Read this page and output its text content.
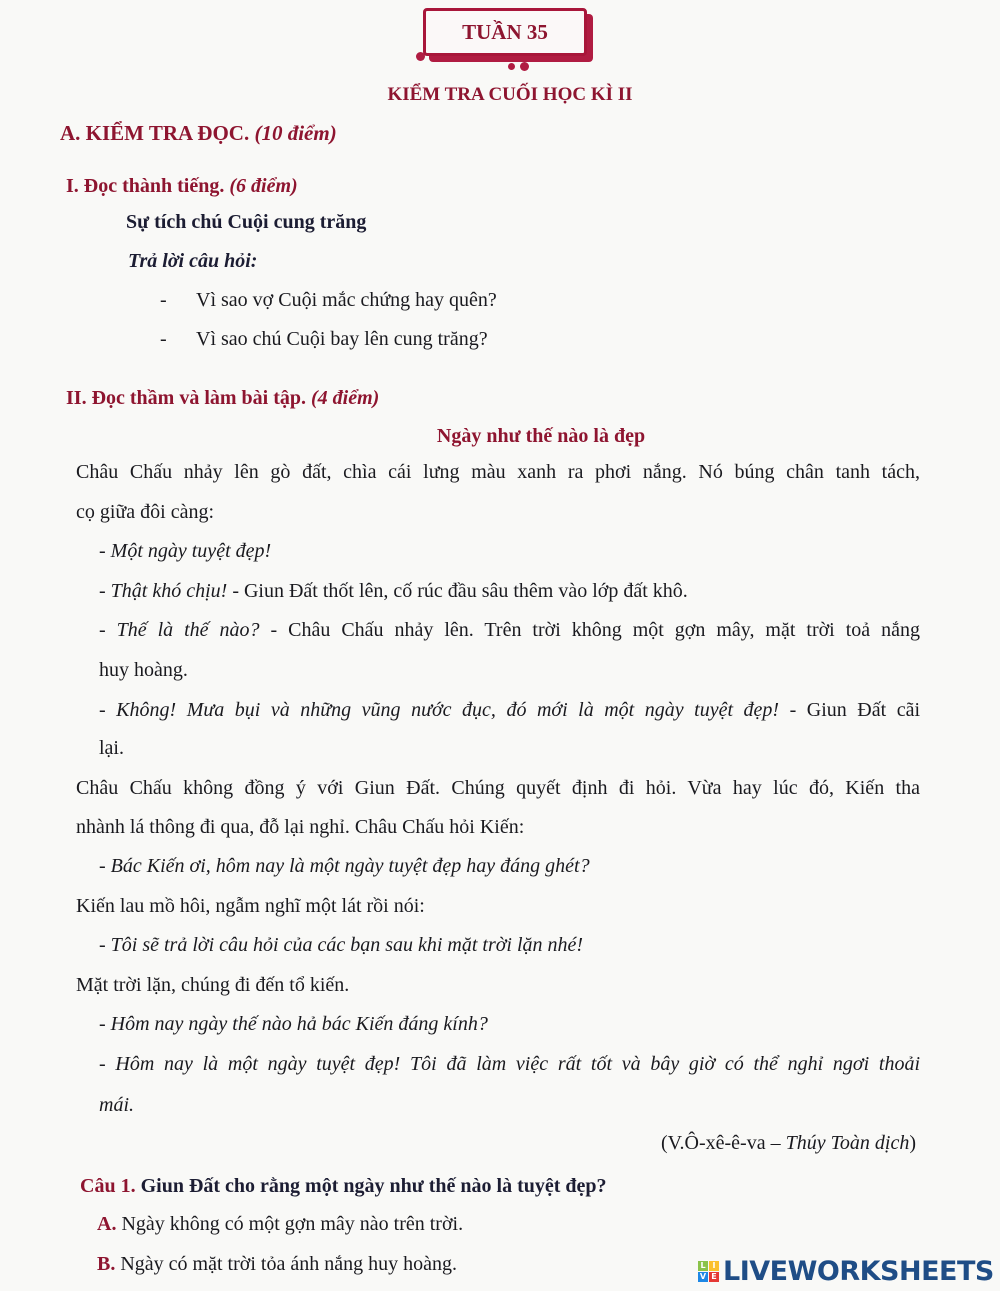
TUẦN 35
KIỂM TRA CUỐI HỌC KÌ II
A. KIỂM TRA ĐỌC. (10 điểm)
I. Đọc thành tiếng. (6 điểm)
Sự tích chú Cuội cung trăng
Trả lời câu hỏi:
- Vì sao vợ Cuội mắc chứng hay quên?
- Vì sao chú Cuội bay lên cung trăng?
II. Đọc thầm và làm bài tập. (4 điểm)
Ngày như thế nào là đẹp
Châu Chấu nhảy lên gò đất, chìa cái lưng màu xanh ra phơi nắng. Nó búng chân tanh tách,
cọ giữa đôi càng:
- Một ngày tuyệt đẹp!
- Thật khó chịu! - Giun Đất thốt lên, cố rúc đầu sâu thêm vào lớp đất khô.
- Thế là thế nào? - Châu Chấu nhảy lên. Trên trời không một gợn mây, mặt trời toả nắng
huy hoàng.
- Không! Mưa bụi và những vũng nước đục, đó mới là một ngày tuyệt đẹp! - Giun Đất cãi
lại.
Châu Chấu không đồng ý với Giun Đất. Chúng quyết định đi hỏi. Vừa hay lúc đó, Kiến tha
nhành lá thông đi qua, đỗ lại nghỉ. Châu Chấu hỏi Kiến:
- Bác Kiến ơi, hôm nay là một ngày tuyệt đẹp hay đáng ghét?
Kiến lau mồ hôi, ngẫm nghĩ một lát rồi nói:
- Tôi sẽ trả lời câu hỏi của các bạn sau khi mặt trời lặn nhé!
Mặt trời lặn, chúng đi đến tổ kiến.
- Hôm nay ngày thế nào hả bác Kiến đáng kính?
- Hôm nay là một ngày tuyệt đẹp! Tôi đã làm việc rất tốt và bây giờ có thể nghỉ ngơi thoải
mái.
(V.Ô-xê-ê-va – Thúy Toàn dịch)
Câu 1. Giun Đất cho rằng một ngày như thế nào là tuyệt đẹp?
A. Ngày không có một gợn mây nào trên trời.
B. Ngày có mặt trời tỏa ánh nắng huy hoàng.	L I
V E LIVEWORKSHEETS
